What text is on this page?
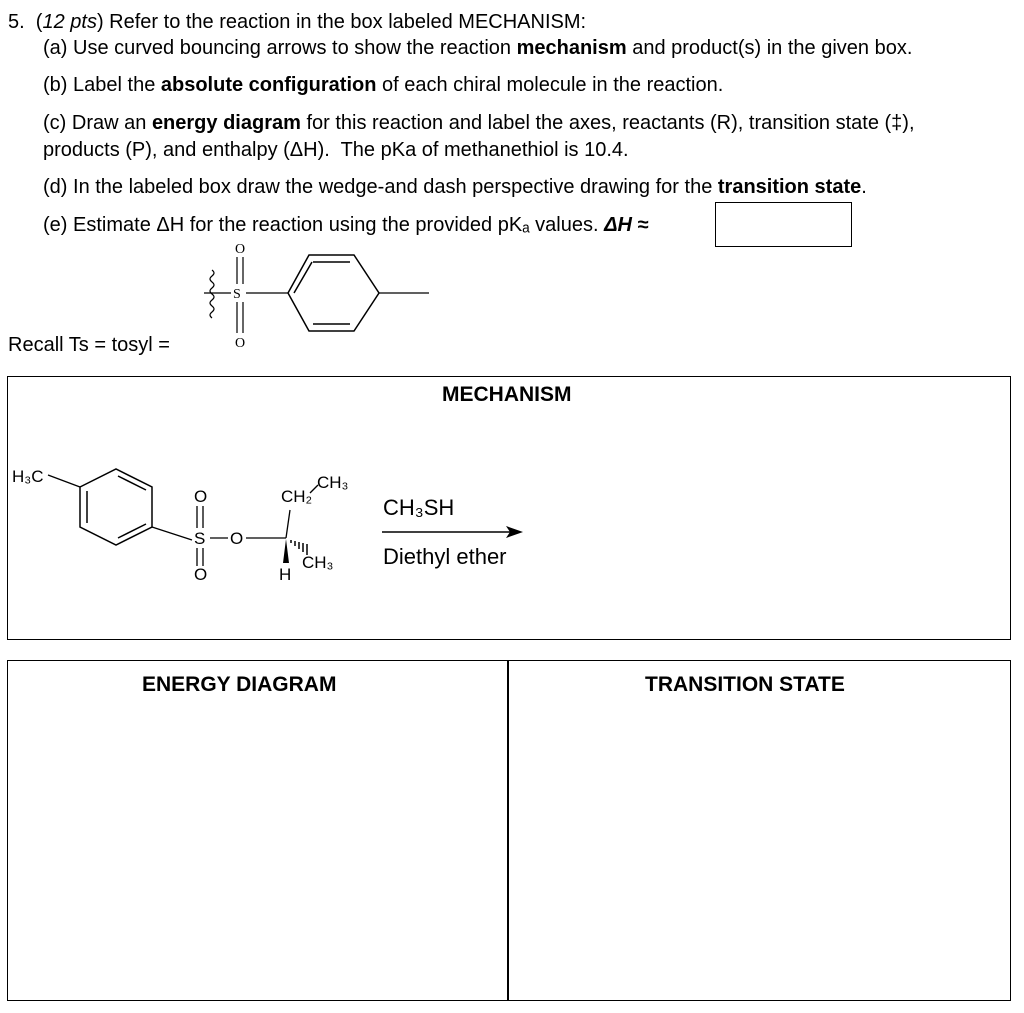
5.  (12 pts) Refer to the reaction in the box labeled MECHANISM:
(a) Use curved bouncing arrows to show the reaction mechanism and product(s) in the given box.
(b) Label the absolute configuration of each chiral molecule in the reaction.
(c) Draw an energy diagram for this reaction and label the axes, reactants (R), transition state (‡),
products (P), and enthalpy (ΔH). The pKa of methanethiol is 10.4.
(d) In the labeled box draw the wedge-and dash perspective drawing for the transition state.
(e) Estimate ΔH for the reaction using the provided pKₐ values. ΔH ≈
Recall Ts = tosyl =
S
O
O
MECHANISM
H₃C
O
S
O
O
CH₂
CH₃
CH₃
H
CH₃SH
Diethyl ether
ENERGY DIAGRAM	TRANSITION STATE
